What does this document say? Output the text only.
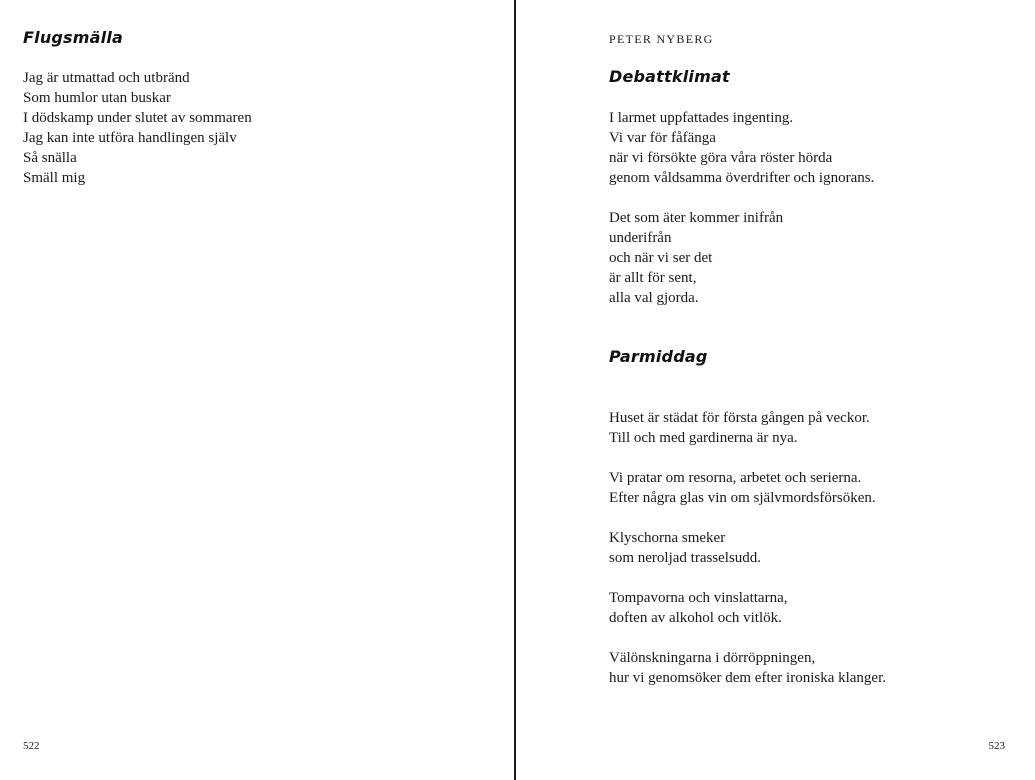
Flugsmälla
Jag är utmattad och utbränd
Som humlor utan buskar
I dödskamp under slutet av sommaren
Jag kan inte utföra handlingen själv
Så snälla
Smäll mig
522
PETER NYBERG
Debattklimat
I larmet uppfattades ingenting.
Vi var för fåfänga
när vi försökte göra våra röster hörda
genom våldsamma överdrifter och ignorans.
Det som äter kommer inifrån
underifrån
och när vi ser det
är allt för sent,
alla val gjorda.
Parmiddag
Huset är städat för första gången på veckor.
Till och med gardinerna är nya.
Vi pratar om resorna, arbetet och serierna.
Efter några glas vin om självmordsförsöken.
Klyschorna smeker
som neroljad trasselsudd.
Tompavorna och vinslattarna,
doften av alkohol och vitlök.
Välönskningarna i dörröppningen,
hur vi genomsöker dem efter ironiska klanger.
523
